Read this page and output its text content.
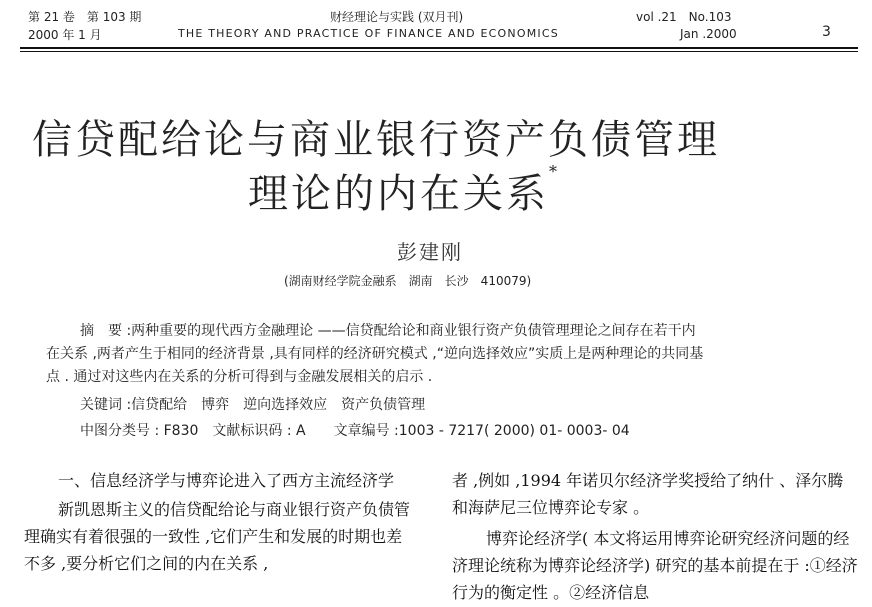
第 21 卷　第 103 期
2000 年 1 月
财经理论与实践 (双月刊)
THE THEORY AND PRACTICE OF FINANCE AND ECONOMICS
vol .21　No.103
Jan .2000	3
信贷配给论与商业银行资产负债管理
理论的内在关系*
彭建刚
(湖南财经学院金融系　湖南　长沙　410079)
摘　要 :两种重要的现代西方金融理论 ——信贷配给论和商业银行资产负债管理理论之间存在若干内
在关系 ,两者产生于相同的经济背景 ,具有同样的经济研究模式 ,“逆向选择效应”实质上是两种理论的共同基
点 . 通过对这些内在关系的分析可得到与金融发展相关的启示 .
关键词 :信贷配给　博弈　逆向选择效应　资产负债管理
中图分类号 : F830　文献标识码 : A　　文章编号 :1003 - 7217( 2000) 01- 0003- 04
一、信息经济学与博弈论进入了西方主流经济学
新凯恩斯主义的信贷配给论与商业银行资产负债管理确实有着很强的一致性 ,它们产生和发展的时期也差不多 ,要分析它们之间的内在关系 ,
者 ,例如 ,1994 年诺贝尔经济学奖授给了纳什 、泽尔腾和海萨尼三位博弈论专家 。
博弈论经济学( 本文将运用博弈论研究经济问题的经济理论统称为博弈论经济学) 研究的基本前提在于 :①经济行为的衡定性 。②经济信息
